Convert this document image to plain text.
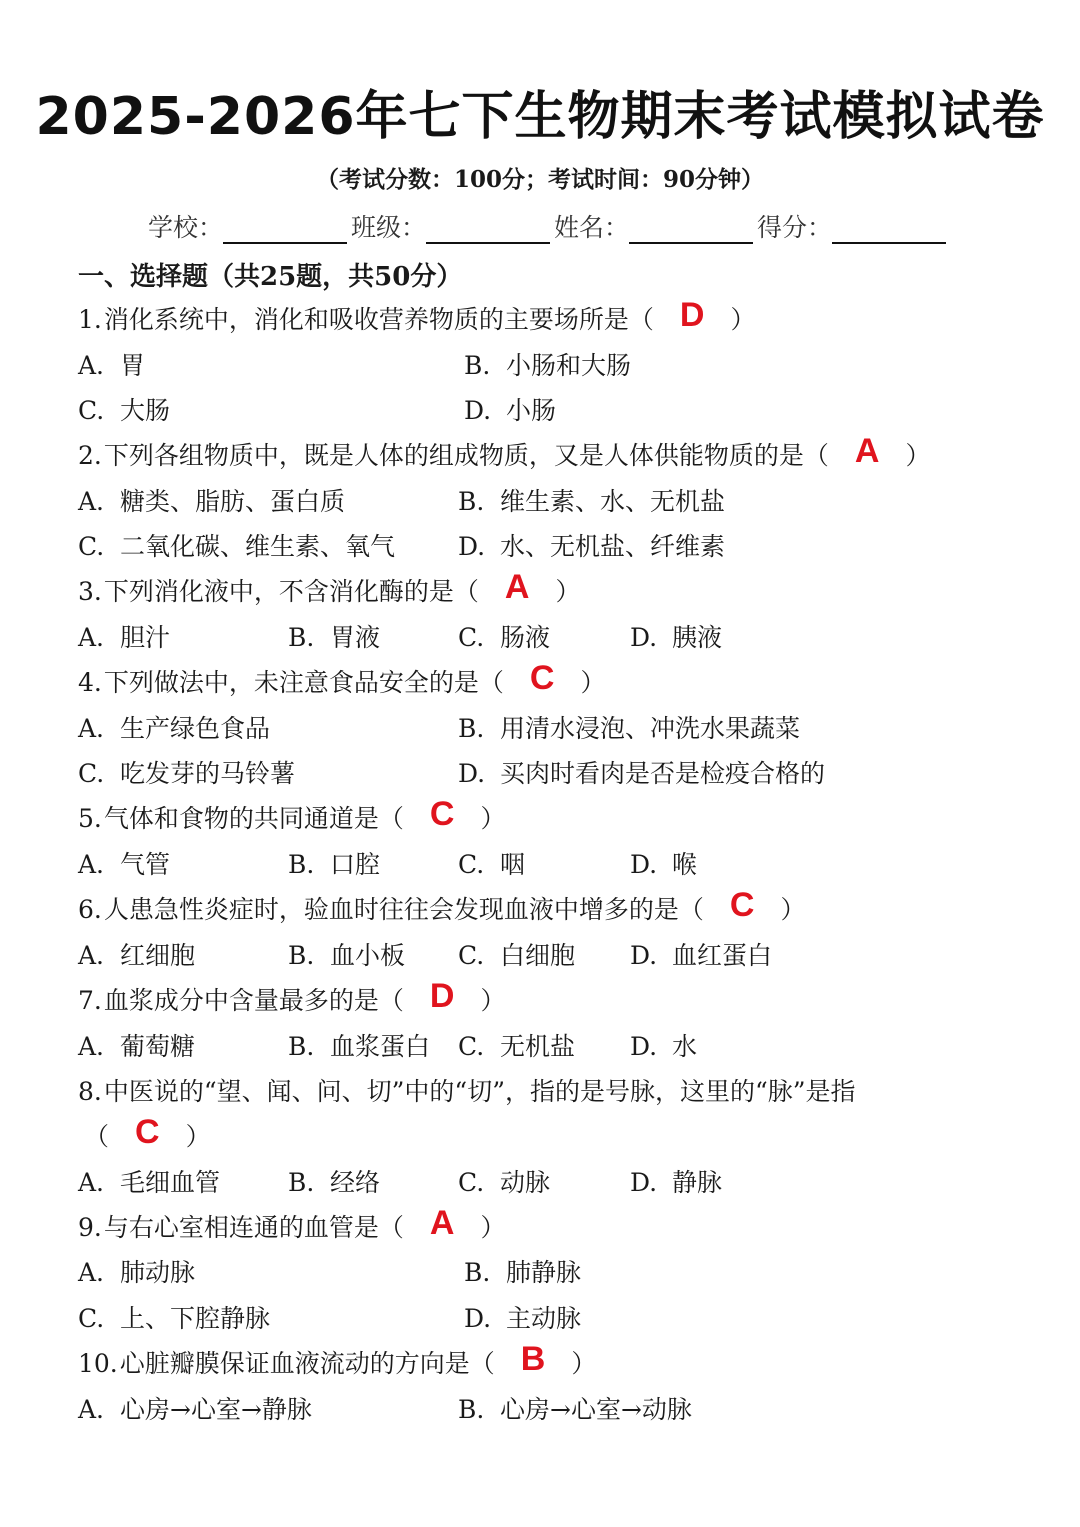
2025-2026年七下生物期末考试模拟试卷
（考试分数：100分；考试时间：90分钟）
学校：	班级：	姓名：	得分：
一、选择题（共25题，共50分）
1.消化系统中，消化和吸收营养物质的主要场所是（ D ）
A. 胃	B. 小肠和大肠
C. 大肠	D. 小肠
2.下列各组物质中，既是人体的组成物质，又是人体供能物质的是（ A ）
A. 糖类、脂肪、蛋白质	B. 维生素、水、无机盐
C. 二氧化碳、维生素、氧气	D. 水、无机盐、纤维素
3.下列消化液中，不含消化酶的是（ A ）
A. 胆汁	B. 胃液	C. 肠液	D. 胰液
4.下列做法中，未注意食品安全的是（ C ）
A. 生产绿色食品	B. 用清水浸泡、冲洗水果蔬菜
C. 吃发芽的马铃薯	D. 买肉时看肉是否是检疫合格的
5.气体和食物的共同通道是（ C ）
A. 气管	B. 口腔	C. 咽	D. 喉
6.人患急性炎症时，验血时往往会发现血液中增多的是（ C ）
A. 红细胞	B. 血小板 C. 白细胞 D. 血红蛋白
7.血浆成分中含量最多的是（ D ）
A. 葡萄糖	B. 血浆蛋白 C. 无机盐 D. 水
8.中医说的“望、闻、问、切”中的“切”，指的是号脉，这里的“脉”是指
（ C ）
A. 毛细血管	B. 经络	C. 动脉	D. 静脉
9.与右心室相连通的血管是（ A ）
A. 肺动脉	B. 肺静脉
C. 上、下腔静脉	D. 主动脉
10.心脏瓣膜保证血液流动的方向是（ B ）
A. 心房→心室→静脉	B. 心房→心室→动脉
